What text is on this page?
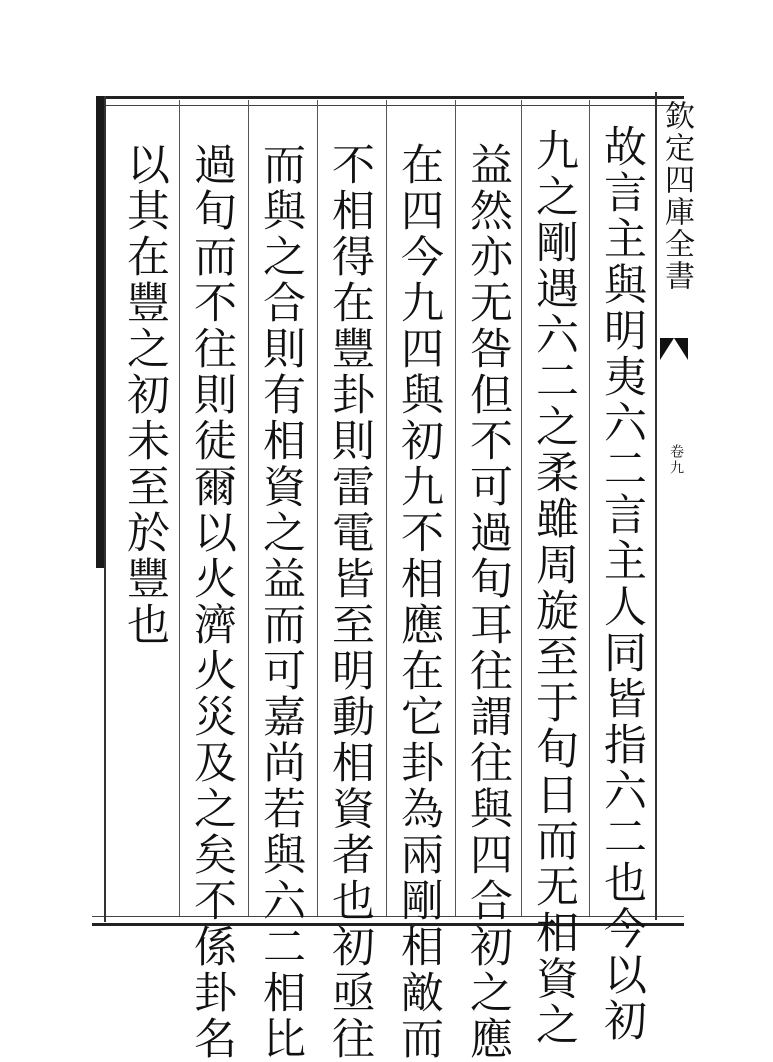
故言主與明夷六二言主人同皆指六二也今以初
九之剛遇六二之柔雖周旋至于旬日而无相資之
益然亦无咎但不可過旬耳往謂往與四合初之應
在四今九四與初九不相應在它卦為兩剛相敵而
不相得在豐卦則雷電皆至明動相資者也初亟往
而與之合則有相資之益而可嘉尚若與六二相比
過旬而不往則徒爾以火濟火災及之矣不係卦名
以其在豐之初未至於豐也	欽定四庫全書
卷九
